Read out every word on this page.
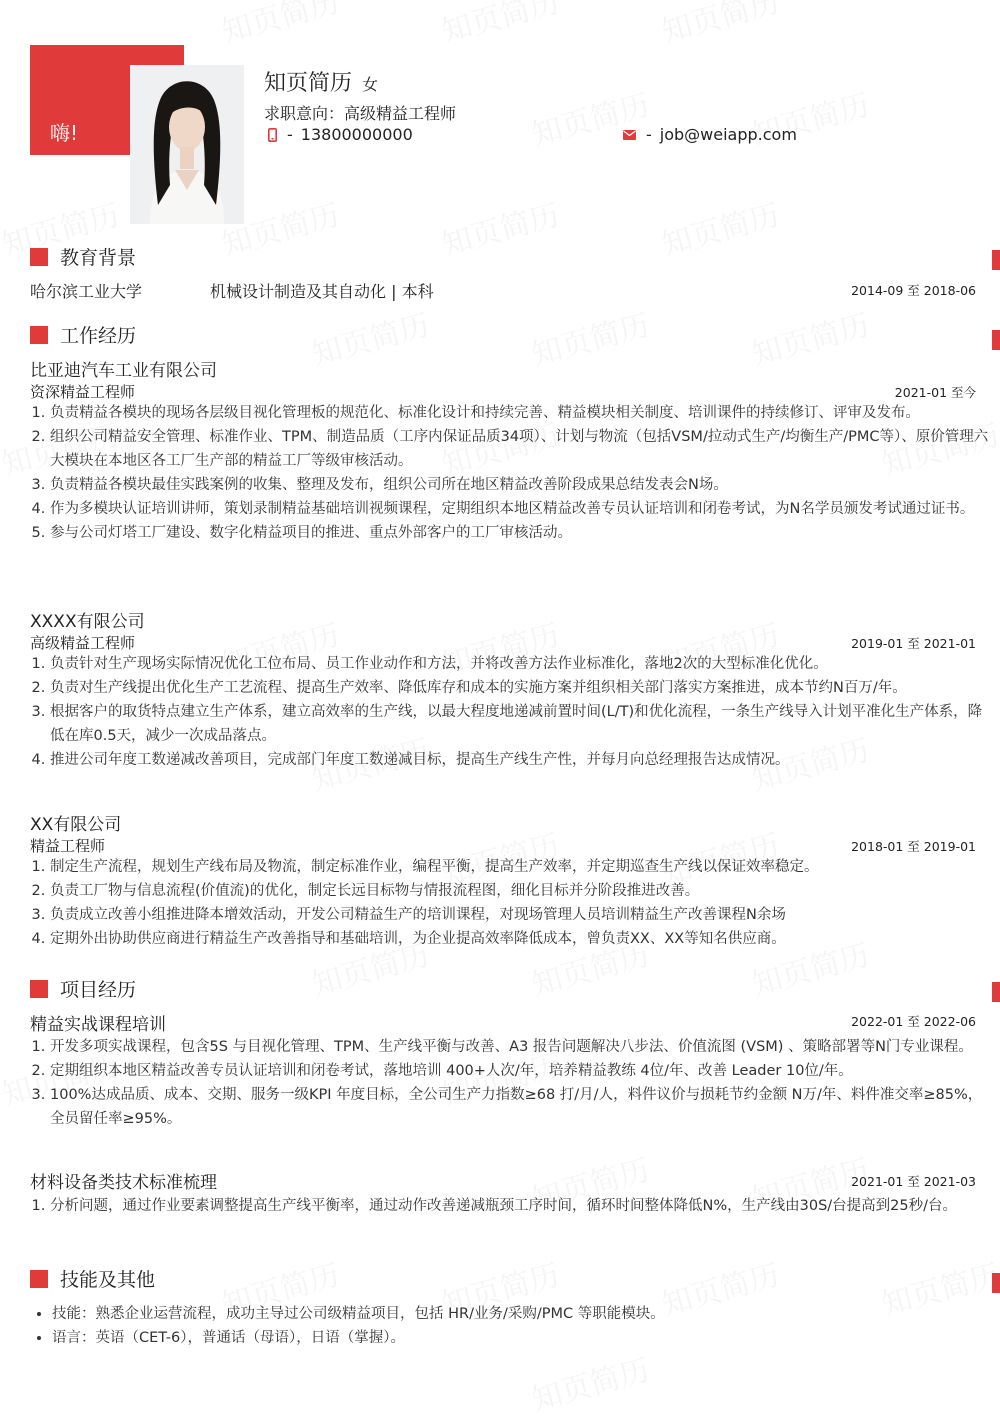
嗨!
知页简历 女
求职意向：高级精益工程师
- 13800000000	- job@weiapp.com
教育背景
哈尔滨工业大学	机械设计制造及其自动化 | 本科	2014-09 至 2018-06
工作经历
比亚迪汽车工业有限公司
资深精益工程师	2021-01 至今
1. 负责精益各模块的现场各层级目视化管理板的规范化、标准化设计和持续完善、精益模块相关制度、培训课件的持续修订、评审及发布。
2. 组织公司精益安全管理、标准作业、TPM、制造品质（工序内保证品质34项）、计划与物流（包括VSM/拉动式生产/均衡生产/PMC等）、原价管理六大模块在本地区各工厂生产部的精益工厂等级审核活动。
3. 负责精益各模块最佳实践案例的收集、整理及发布，组织公司所在地区精益改善阶段成果总结发表会N场。
4. 作为多模块认证培训讲师，策划录制精益基础培训视频课程，定期组织本地区精益改善专员认证培训和闭卷考试，为N名学员颁发考试通过证书。
5. 参与公司灯塔工厂建设、数字化精益项目的推进、重点外部客户的工厂审核活动。
XXXX有限公司
高级精益工程师	2019-01 至 2021-01
1. 负责针对生产现场实际情况优化工位布局、员工作业动作和方法，并将改善方法作业标准化，落地2次的大型标准化优化。
2. 负责对生产线提出优化生产工艺流程、提高生产效率、降低库存和成本的实施方案并组织相关部门落实方案推进，成本节约N百万/年。
3. 根据客户的取货特点建立生产体系，建立高效率的生产线，以最大程度地递减前置时间(L/T)和优化流程，一条生产线导入计划平准化生产体系，降低在库0.5天，减少一次成品落点。
4. 推进公司年度工数递减改善项目，完成部门年度工数递减目标，提高生产线生产性，并每月向总经理报告达成情况。
XX有限公司
精益工程师	2018-01 至 2019-01
1. 制定生产流程，规划生产线布局及物流，制定标准作业，编程平衡，提高生产效率，并定期巡查生产线以保证效率稳定。
2. 负责工厂物与信息流程(价值流)的优化，制定长远目标物与情报流程图，细化目标并分阶段推进改善。
3. 负责成立改善小组推进降本增效活动，开发公司精益生产的培训课程，对现场管理人员培训精益生产改善课程N余场
4. 定期外出协助供应商进行精益生产改善指导和基础培训，为企业提高效率降低成本，曾负责XX、XX等知名供应商。
项目经历
精益实战课程培训	2022-01 至 2022-06
1. 开发多项实战课程，包含5S 与目视化管理、TPM、生产线平衡与改善、A3 报告问题解决八步法、价值流图 (VSM) 、策略部署等N门专业课程。
2. 定期组织本地区精益改善专员认证培训和闭卷考试，落地培训 400+人次/年，培养精益教练 4位/年、改善 Leader 10位/年。
3. 100%达成品质、成本、交期、服务一级KPI 年度目标，全公司生产力指数≥68 打/月/人，料件议价与损耗节约金额 N万/年、料件准交率≥85%，全员留任率≥95%。
材料设备类技术标准梳理	2021-01 至 2021-03
1. 分析问题，通过作业要素调整提高生产线平衡率，通过动作改善递减瓶颈工序时间，循环时间整体降低N%，生产线由30S/台提高到25秒/台。
技能及其他
• 技能：熟悉企业运营流程，成功主导过公司级精益项目，包括 HR/业务/采购/PMC 等职能模块。
• 语言：英语（CET-6），普通话（母语），日语（掌握）。
